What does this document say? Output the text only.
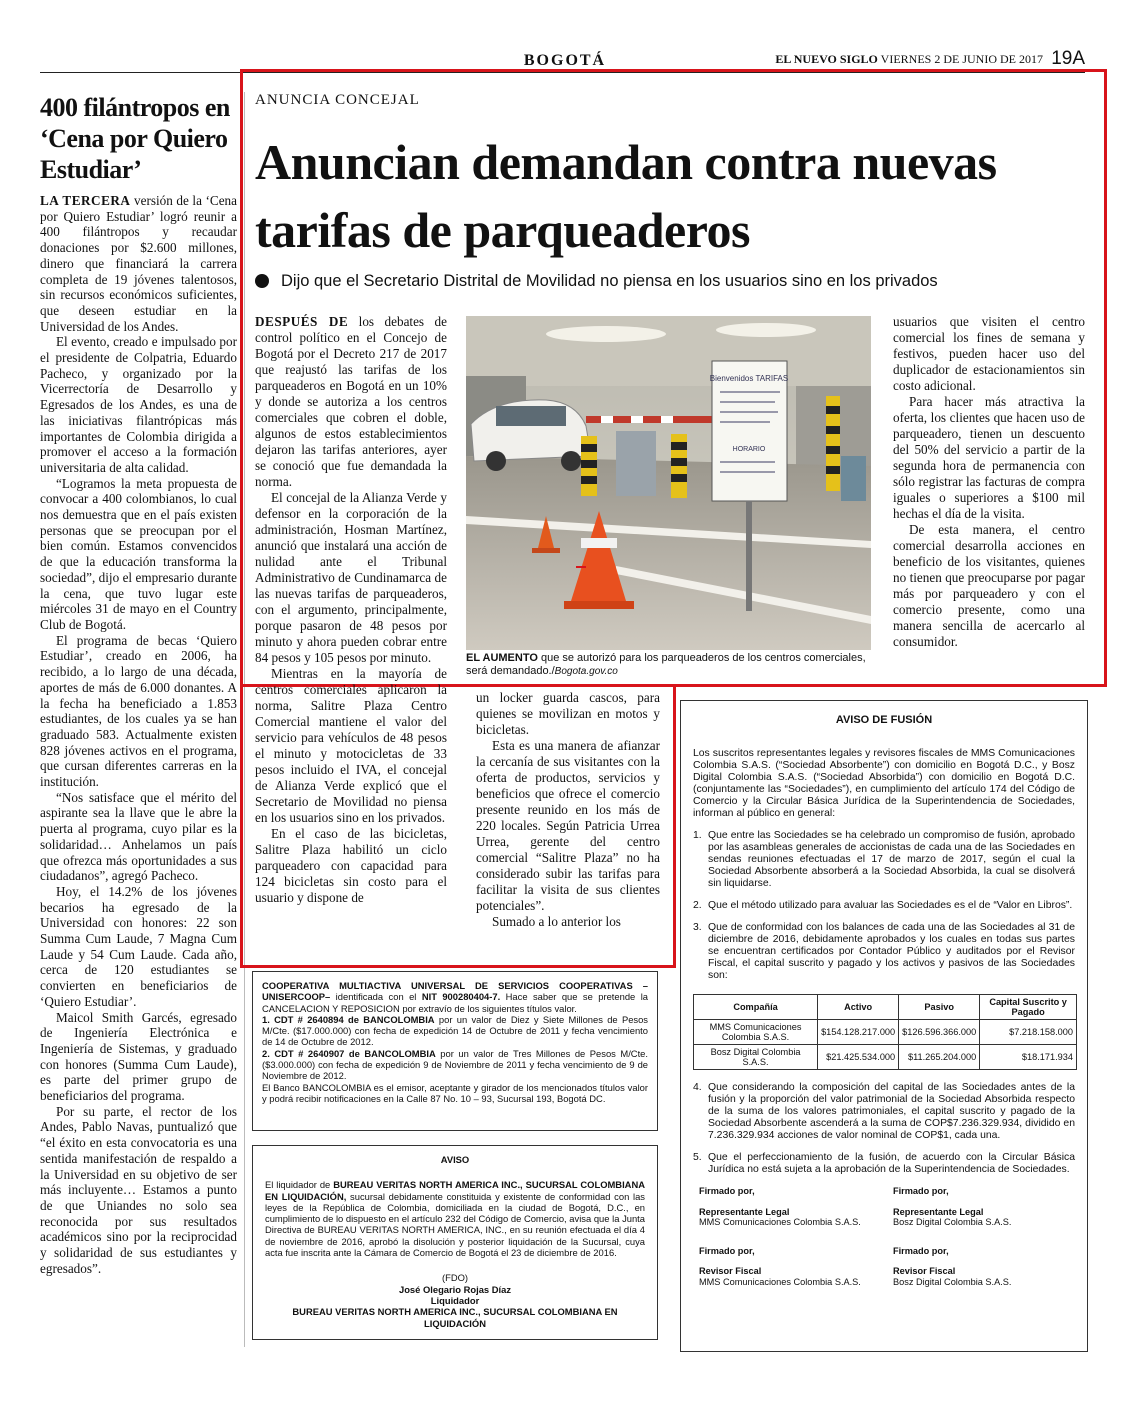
BOGOTÁ	EL NUEVO SIGLO VIERNES 2 DE JUNIO DE 2017 19A
400 filántropos en ‘Cena por Quiero Estudiar’

LA TERCERA versión de la ‘Cena por Quiero Estudiar’ logró reunir a 400 filántropos y recaudar donaciones por $2.600 millones, dinero que financiará la carrera completa de 19 jóvenes talentosos, sin recursos económicos suficientes, que deseen estudiar en la Universidad de los Andes.

El evento, creado e impulsado por el presidente de Colpatria, Eduardo Pacheco, y organizado por la Vicerrectoría de Desarrollo y Egresados de los Andes, es una de las iniciativas filantrópicas más importantes de Colombia dirigida a promover el acceso a la formación universitaria de alta calidad.

“Logramos la meta propuesta de convocar a 400 colombianos, lo cual nos demuestra que en el país existen personas que se preocupan por el bien común. Estamos convencidos de que la educación transforma la sociedad”, dijo el empresario durante la cena, que tuvo lugar este miércoles 31 de mayo en el Country Club de Bogotá.

El programa de becas ‘Quiero Estudiar’, creado en 2006, ha recibido, a lo largo de una década, aportes de más de 6.000 donantes. A la fecha ha beneficiado a 1.853 estudiantes, de los cuales ya se han graduado 583. Actualmente existen 828 jóvenes activos en el programa, que cursan diferentes carreras en la institución.

“Nos satisface que el mérito del aspirante sea la llave que le abre la puerta al programa, cuyo pilar es la solidaridad… Anhelamos un país que ofrezca más oportunidades a sus ciudadanos”, agregó Pacheco.

Hoy, el 14.2% de los jóvenes becarios ha egresado de la Universidad con honores: 22 son Summa Cum Laude, 7 Magna Cum Laude y 54 Cum Laude. Cada año, cerca de 120 estudiantes se convierten en beneficiarios de ‘Quiero Estudiar’.

Maicol Smith Garcés, egresado de Ingeniería Electrónica e Ingeniería de Sistemas, y graduado con honores (Summa Cum Laude), es parte del primer grupo de beneficiarios del programa.

Por su parte, el rector de los Andes, Pablo Navas, puntualizó que “el éxito en esta convocatoria es una sentida manifestación de respaldo a la Universidad en su objetivo de ser más incluyente… Estamos a punto de que Uniandes no solo sea reconocida por sus resultados académicos sino por la reciprocidad y solidaridad de sus estudiantes y egresados”.

ANUNCIA CONCEJAL
Anuncian demandan contra nuevas tarifas de parqueaderos
Dijo que el Secretario Distrital de Movilidad no piensa en los usuarios sino en los privados

DESPUÉS DE los debates de control político en el Concejo de Bogotá por el Decreto 217 de 2017 que reajustó las tarifas de los parqueaderos en Bogotá en un 10% y donde se autoriza a los centros comerciales que cobren el doble, algunos de estos establecimientos dejaron las tarifas anteriores, ayer se conoció que fue demandada la norma.

El concejal de la Alianza Verde y defensor en la corporación de la administración, Hosman Martínez, anunció que instalará una acción de nulidad ante el Tribunal Administrativo de Cundinamarca de las nuevas tarifas de parqueaderos, con el argumento, principalmente, porque pasaron de 48 pesos por minuto y ahora pueden cobrar entre 84 pesos y 105 pesos por minuto.

Mientras en la mayoría de centros comerciales aplicaron la norma, Salitre Plaza Centro Comercial mantiene el valor del servicio para vehículos de 48 pesos el minuto y motocicletas de 33 pesos incluido el IVA, el concejal de Alianza Verde explicó que el Secretario de Movilidad no piensa en los usuarios sino en los privados.

En el caso de las bicicletas, Salitre Plaza habilitó un ciclo parqueadero con capacidad para 124 bicicletas sin costo para el usuario y dispone de

un locker guarda cascos, para quienes se movilizan en motos y bicicletas.

Esta es una manera de afianzar la cercanía de sus visitantes con la oferta de productos, servicios y beneficios que ofrece el comercio presente reunido en los más de 220 locales. Según Patricia Urrea Urrea, gerente del centro comercial “Salitre Plaza” no ha considerado subir las tarifas para facilitar la visita de sus clientes potenciales”.

Sumado a lo anterior los

usuarios que visiten el centro comercial los fines de semana y festivos, pueden hacer uso del duplicador de estacionamientos sin costo adicional.

Para hacer más atractiva la oferta, los clientes que hacen uso de parqueadero, tienen un descuento del 50% del servicio a partir de la segunda hora de permanencia con sólo registrar las facturas de compra iguales o superiores a $100 mil hechas el día de la visita.

De esta manera, el centro comercial desarrolla acciones en beneficio de los visitantes, quienes no tienen que preocuparse por pagar más por parqueadero y con el comercio presente, como una manera sencilla de acercarlo al consumidor.

Bienvenidos TARIFAS
HORARIO
EL AUMENTO que se autorizó para los parqueaderos de los centros comerciales, será demandado./Bogota.gov.co
AVISO DE FUSIÓN
Los suscritos representantes legales y revisores fiscales de MMS Comunicaciones Colombia S.A.S. (“Sociedad Absorbente”) con domicilio en Bogotá D.C., y Bosz Digital Colombia S.A.S. (“Sociedad Absorbida”) con domicilio en Bogotá D.C. (conjuntamente las “Sociedades”), en cumplimiento del artículo 174 del Código de Comercio y la Circular Básica Jurídica de la Superintendencia de Sociedades, informan al público en general:
1. Que entre las Sociedades se ha celebrado un compromiso de fusión, aprobado por las asambleas generales de accionistas de cada una de las Sociedades en sendas reuniones efectuadas el 17 de marzo de 2017, según el cual la Sociedad Absorbente absorberá a la Sociedad Absorbida, la cual se disolverá sin liquidarse.
2. Que el método utilizado para avaluar las Sociedades es el de “Valor en Libros”.
3. Que de conformidad con los balances de cada una de las Sociedades al 31 de diciembre de 2016, debidamente aprobados y los cuales en todas sus partes se encuentran certificados por Contador Público y auditados por el Revisor Fiscal, el capital suscrito y pagado y los activos y pasivos de las Sociedades son:
Compañía	Activo	Pasivo	Capital Suscrito y Pagado
MMS Comunicaciones Colombia S.A.S.	$154.128.217.000	$126.596.366.000	$7.218.158.000
Bosz Digital Colombia S.A.S.	$21.425.534.000	$11.265.204.000	$18.171.934
4. Que considerando la composición del capital de las Sociedades antes de la fusión y la proporción del valor patrimonial de la Sociedad Absorbida respecto de la suma de los valores patrimoniales, el capital suscrito y pagado de la Sociedad Absorbente ascenderá a la suma de COP$7.236.329.934, dividido en 7.236.329.934 acciones de valor nominal de COP$1, cada una.
5. Que el perfeccionamiento de la fusión, de acuerdo con la Circular Básica Jurídica no está sujeta a la aprobación de la Superintendencia de Sociedades.
Firmado por,
Representante Legal
MMS Comunicaciones Colombia S.A.S.
Firmado por,
Representante Legal
Bosz Digital Colombia S.A.S.
Firmado por,
Revisor Fiscal
MMS Comunicaciones Colombia S.A.S.
Firmado por,
Revisor Fiscal
Bosz Digital Colombia S.A.S.

COOPERATIVA MULTIACTIVA UNIVERSAL DE SERVICIOS COOPERATIVAS –UNISERCOOP– identificada con el NIT 900280404-7. Hace saber que se pretende la CANCELACION Y REPOSICION por extravío de los siguientes títulos valor.

1. CDT # 2640894 de BANCOLOMBIA por un valor de Diez y Siete Millones de Pesos M/Cte. ($17.000.000) con fecha de expedición 14 de Octubre de 2011 y fecha vencimiento de 14 de Octubre de 2012.

2. CDT # 2640907 de BANCOLOMBIA por un valor de Tres Millones de Pesos M/Cte. ($3.000.000) con fecha de expedición 9 de Noviembre de 2011 y fecha vencimiento de 9 de Noviembre de 2012.

El Banco BANCOLOMBIA es el emisor, aceptante y girador de los mencionados títulos valor y podrá recibir notificaciones en la Calle 87 No. 10 – 93, Sucursal 193, Bogotá DC.

AVISO
El liquidador de BUREAU VERITAS NORTH AMERICA INC., SUCURSAL COLOMBIANA EN LIQUIDACIÓN, sucursal debidamente constituida y existente de conformidad con las leyes de la República de Colombia, domiciliada en la ciudad de Bogotá, D.C., en cumplimiento de lo dispuesto en el artículo 232 del Código de Comercio, avisa que la Junta Directiva de BUREAU VERITAS NORTH AMERICA, INC., en su reunión efectuada el día 4 de noviembre de 2016, aprobó la disolución y posterior liquidación de la Sucursal, cuya acta fue inscrita ante la Cámara de Comercio de Bogotá el 23 de diciembre de 2016.
(FDO)
José Olegario Rojas Díaz
Liquidador
BUREAU VERITAS NORTH AMERICA INC., SUCURSAL COLOMBIANA EN LIQUIDACIÓN
